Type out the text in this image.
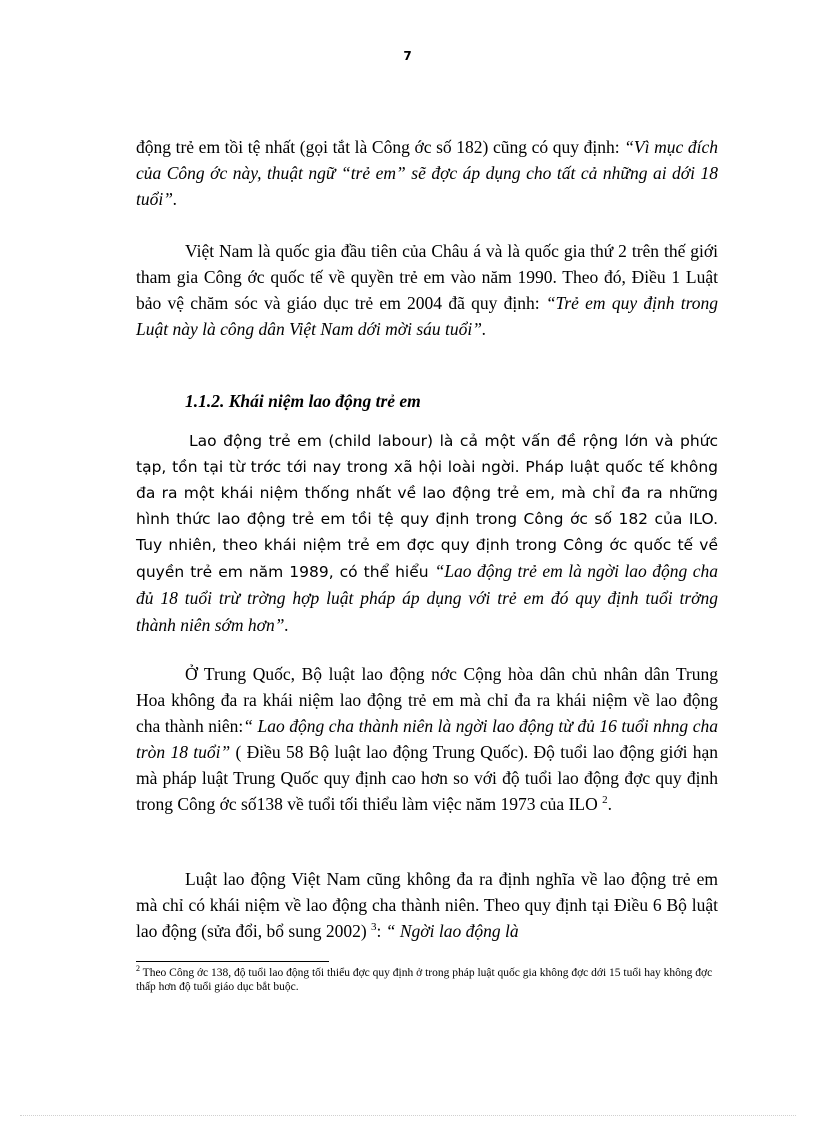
7

động trẻ em tồi tệ nhất (gọi tắt là Công ớc số 182) cũng có quy định: “Vì mục đích của Công ớc này, thuật ngữ “trẻ em” sẽ đợc áp dụng cho tất cả những ai dới 18 tuổi”.

Việt Nam là quốc gia đầu tiên của Châu á và là quốc gia thứ 2 trên thế giới tham gia Công ớc quốc tế về quyền trẻ em vào năm 1990. Theo đó, Điều 1 Luật bảo vệ chăm sóc và giáo dục trẻ em 2004 đã quy định: “Trẻ em quy định trong Luật này là công dân Việt Nam dới mời sáu tuổi”.

1.1.2. Khái niệm lao động trẻ em

Lao động trẻ em (child labour) là cả một vấn đề rộng lớn và phức tạp, tồn tại từ trớc tới nay trong xã hội loài ngời. Pháp luật quốc tế không đa ra một khái niệm thống nhất về lao động trẻ em, mà chỉ đa ra những hình thức lao động trẻ em tồi tệ quy định trong Công ớc số 182 của ILO. Tuy nhiên, theo khái niệm trẻ em đợc quy định trong Công ớc quốc tế về quyền trẻ em năm 1989, có thể hiểu “Lao động trẻ em là ngời lao động cha đủ 18 tuổi trừ trờng hợp luật pháp áp dụng với trẻ em đó quy định tuổi trởng thành niên sớm hơn”.

Ở Trung Quốc, Bộ luật lao động nớc Cộng hòa dân chủ nhân dân Trung Hoa không đa ra khái niệm lao động trẻ em mà chỉ đa ra khái niệm về lao động cha thành niên:“ Lao động cha thành niên là ngời lao động từ đủ 16 tuổi nhng cha tròn 18 tuổi” ( Điều 58 Bộ luật lao động Trung Quốc). Độ tuổi lao động giới hạn mà pháp luật Trung Quốc quy định cao hơn so với độ tuổi lao động đợc quy định trong Công ớc số138 về tuổi tối thiểu làm việc năm 1973 của ILO $^2$.

Luật lao động Việt Nam cũng không đa ra định nghĩa về lao động trẻ em mà chỉ có khái niệm về lao động cha thành niên. Theo quy định tại Điều 6 Bộ luật lao động (sửa đổi, bổ sung 2002) $^3$: “ Ngời lao động là

$^2$ Theo Công ớc 138, độ tuổi lao động tối thiểu đợc quy định ở trong pháp luật quốc gia không đợc dới 15 tuổi hay không đợc thấp hơn độ tuổi giáo dục bắt buộc.
